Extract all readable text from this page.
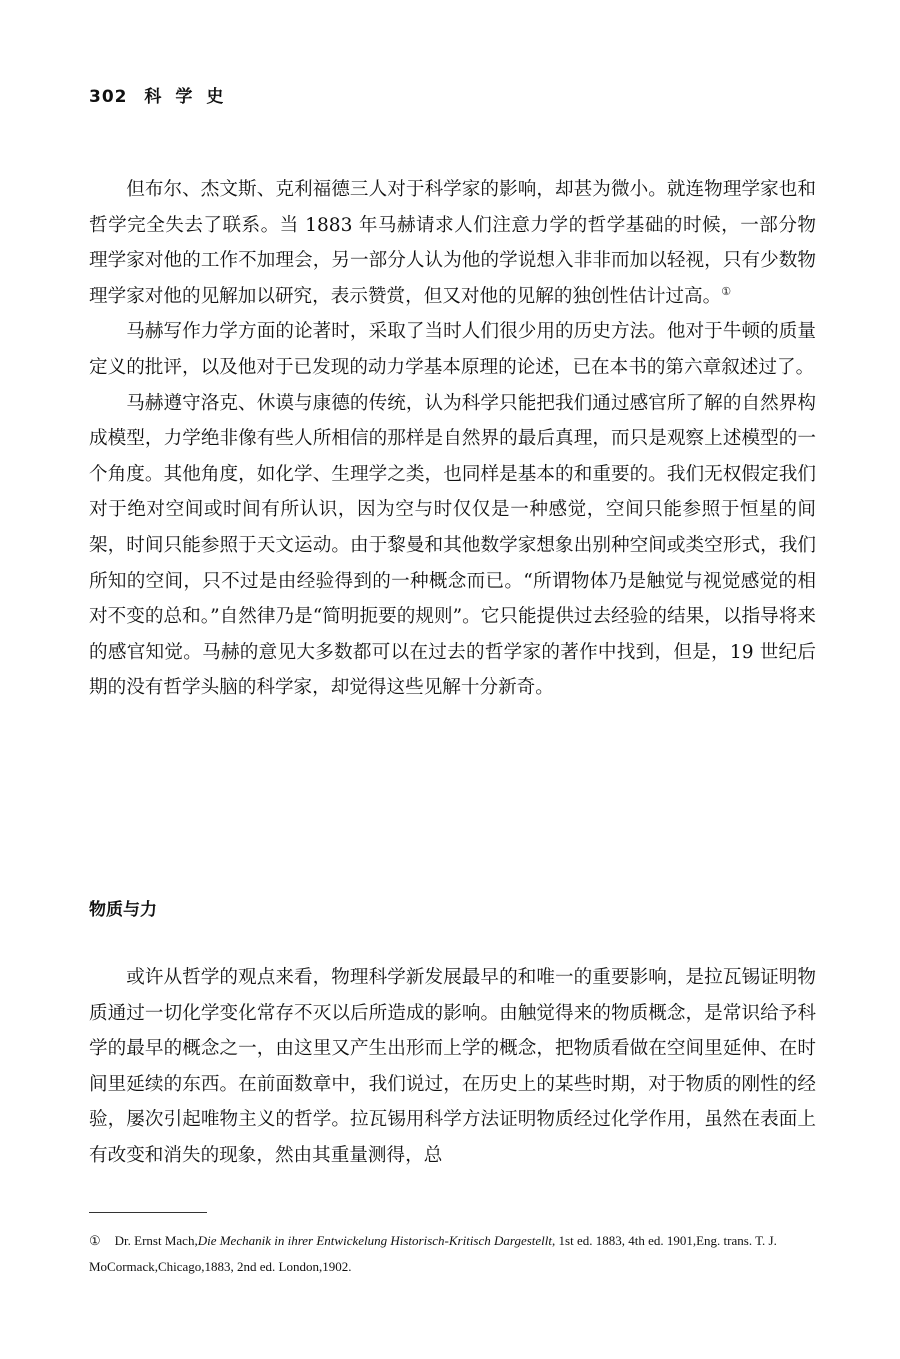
302 科学史

但布尔、杰文斯、克利福德三人对于科学家的影响，却甚为微小。就连物理学家也和哲学完全失去了联系。当 1883 年马赫请求人们注意力学的哲学基础的时候，一部分物理学家对他的工作不加理会，另一部分人认为他的学说想入非非而加以轻视，只有少数物理学家对他的见解加以研究，表示赞赏，但又对他的见解的独创性估计过高。①

马赫写作力学方面的论著时，采取了当时人们很少用的历史方法。他对于牛顿的质量定义的批评，以及他对于已发现的动力学基本原理的论述，已在本书的第六章叙述过了。

马赫遵守洛克、休谟与康德的传统，认为科学只能把我们通过感官所了解的自然界构成模型，力学绝非像有些人所相信的那样是自然界的最后真理，而只是观察上述模型的一个角度。其他角度，如化学、生理学之类，也同样是基本的和重要的。我们无权假定我们对于绝对空间或时间有所认识，因为空与时仅仅是一种感觉，空间只能参照于恒星的间架，时间只能参照于天文运动。由于黎曼和其他数学家想象出别种空间或类空形式，我们所知的空间，只不过是由经验得到的一种概念而已。“所谓物体乃是触觉与视觉感觉的相对不变的总和。”自然律乃是“简明扼要的规则”。它只能提供过去经验的结果，以指导将来的感官知觉。马赫的意见大多数都可以在过去的哲学家的著作中找到，但是，19 世纪后期的没有哲学头脑的科学家，却觉得这些见解十分新奇。

物质与力

或许从哲学的观点来看，物理科学新发展最早的和唯一的重要影响，是拉瓦锡证明物质通过一切化学变化常存不灭以后所造成的影响。由触觉得来的物质概念，是常识给予科学的最早的概念之一，由这里又产生出形而上学的概念，把物质看做在空间里延伸、在时间里延续的东西。在前面数章中，我们说过，在历史上的某些时期，对于物质的刚性的经验，屡次引起唯物主义的哲学。拉瓦锡用科学方法证明物质经过化学作用，虽然在表面上有改变和消失的现象，然由其重量测得，总

① Dr. Ernst Mach,Die Mechanik in ihrer Entwickelung Historisch-Kritisch Dargestellt, 1st ed. 1883, 4th ed. 1901,Eng. trans. T. J. MoCormack,Chicago,1883, 2nd ed. London,1902.
